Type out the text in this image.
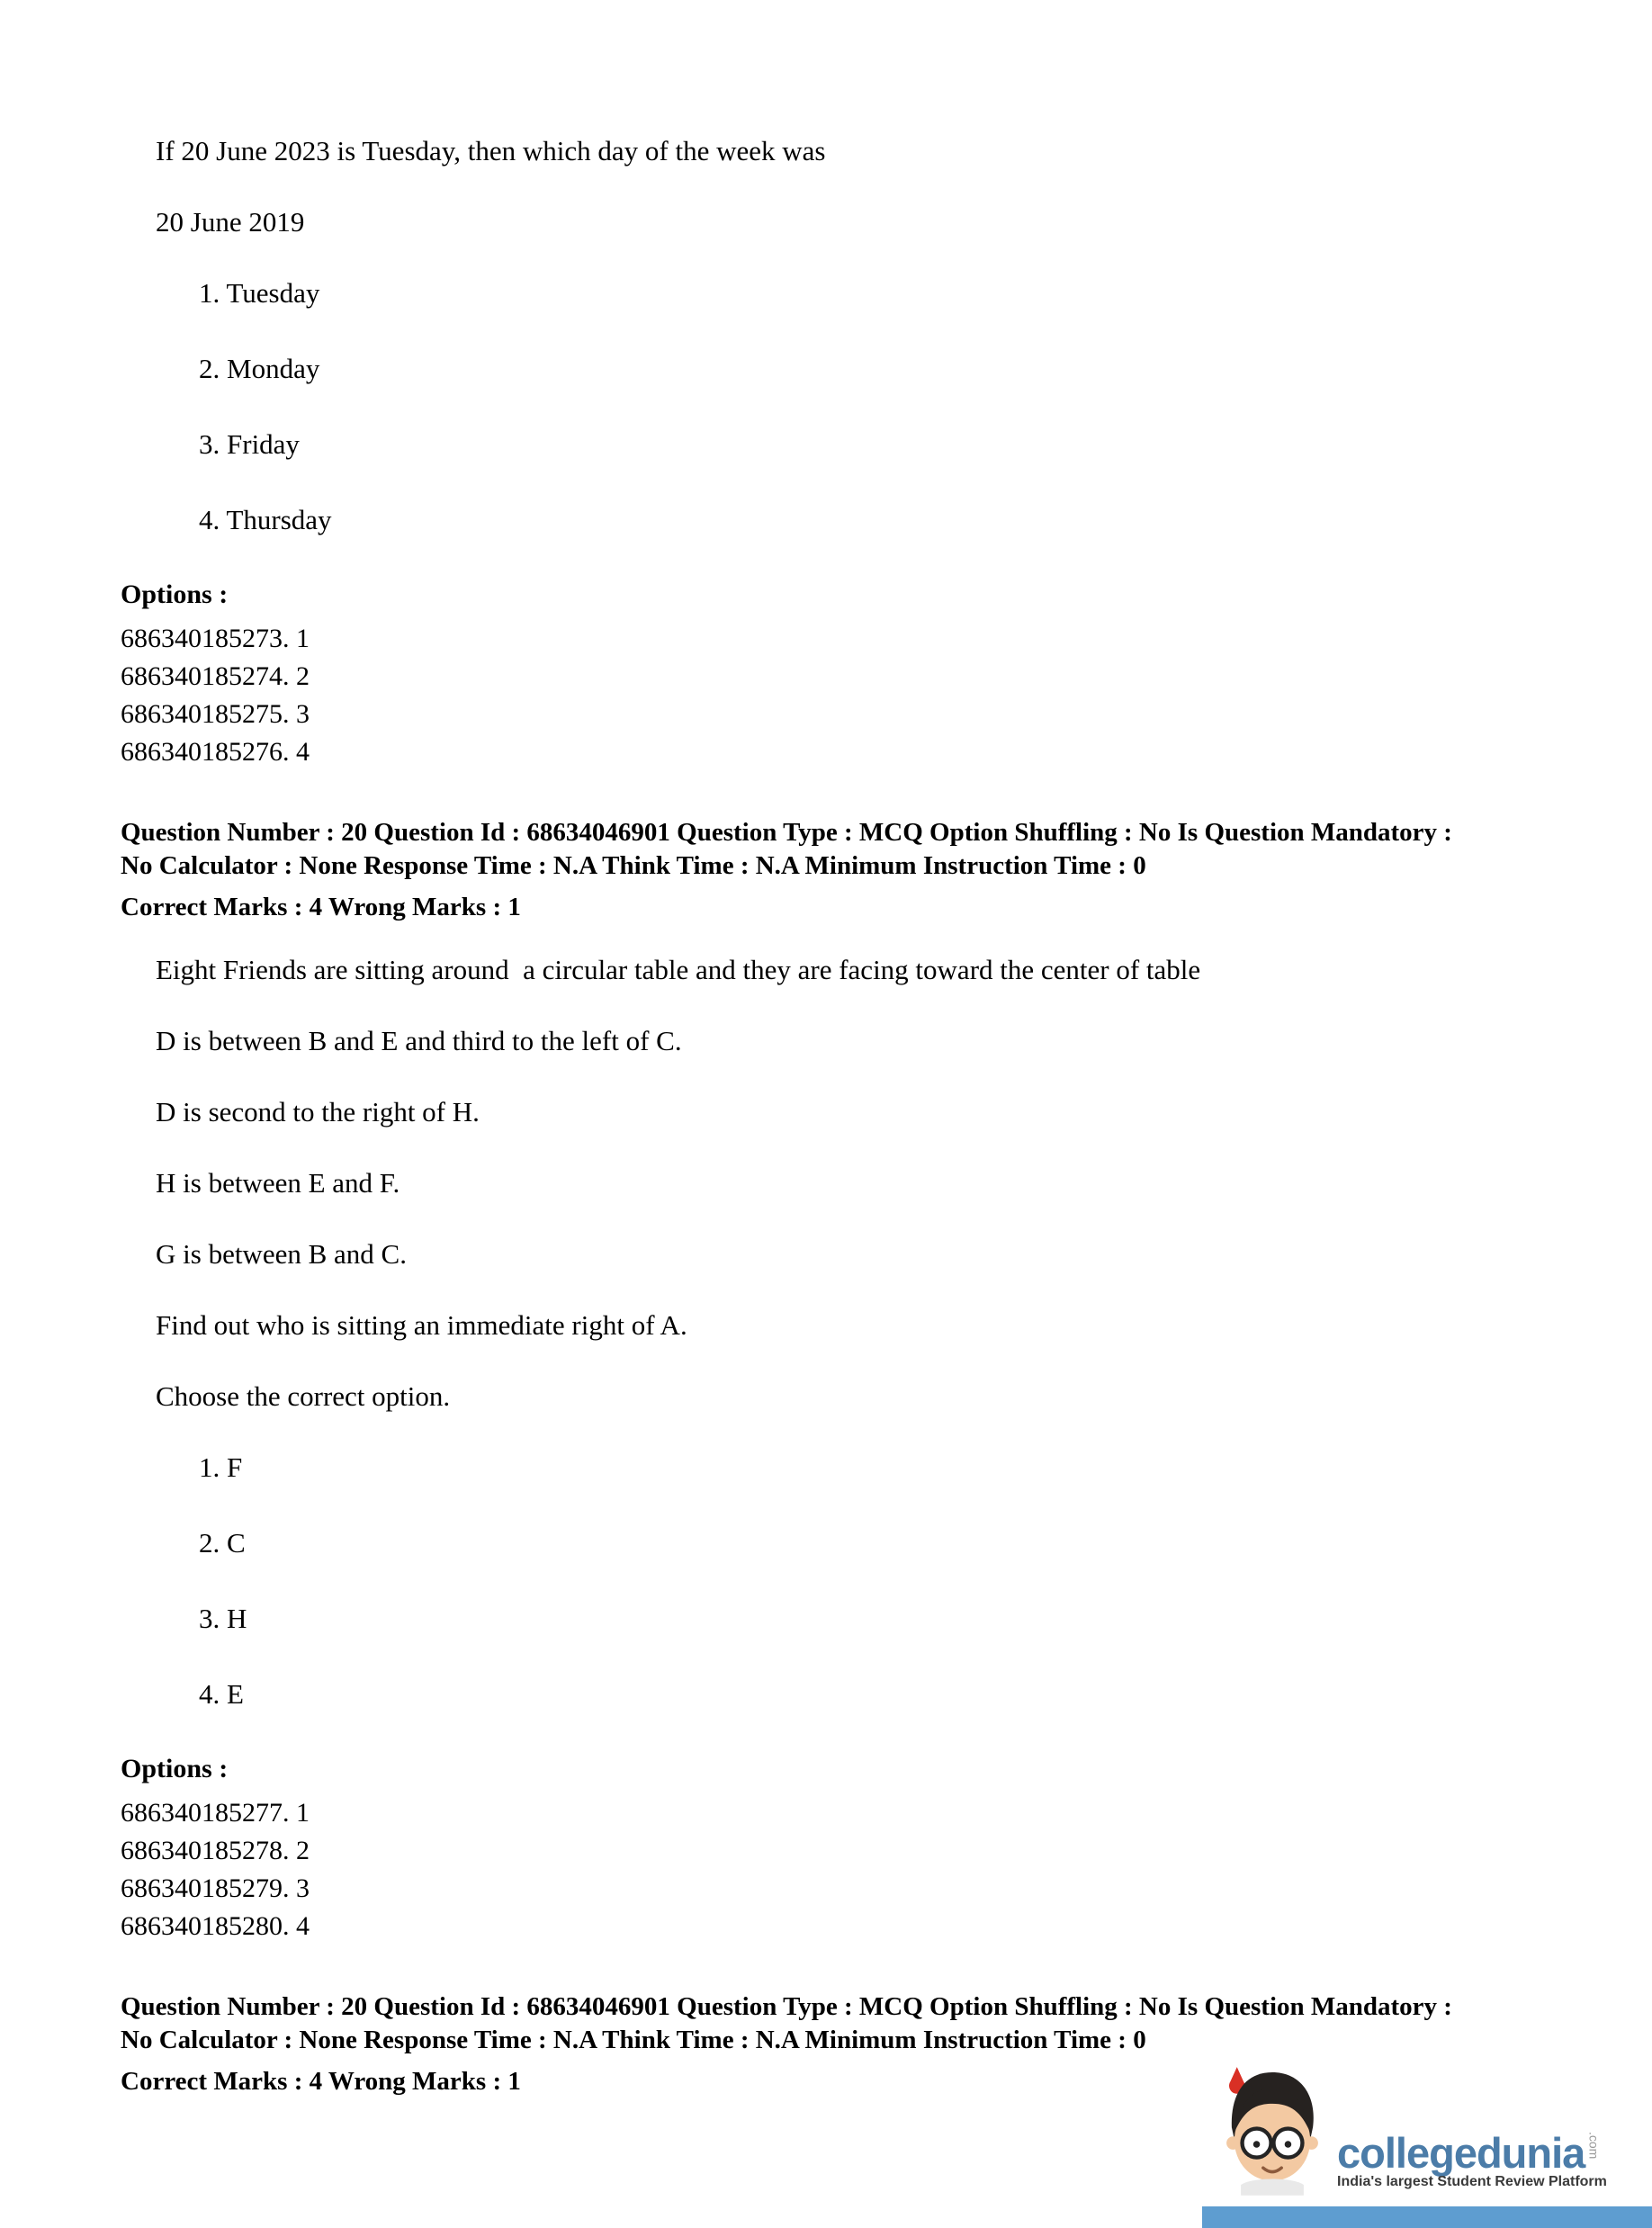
If 20 June 2023 is Tuesday, then which day of the week was

20 June 2019

1. Tuesday

2. Monday

3. Friday

4. Thursday

Options :

686340185273. 1

686340185274. 2

686340185275. 3

686340185276. 4

Question Number : 20 Question Id : 68634046901 Question Type : MCQ Option Shuffling : No Is Question Mandatory :

No Calculator : None Response Time : N.A Think Time : N.A Minimum Instruction Time : 0

Correct Marks : 4 Wrong Marks : 1

Eight Friends are sitting around  a circular table and they are facing toward the center of table

D is between B and E and third to the left of C.

D is second to the right of H.

H is between E and F.

G is between B and C.

Find out who is sitting an immediate right of A.

Choose the correct option.

1. F

2. C

3. H

4. E

Options :

686340185277. 1

686340185278. 2

686340185279. 3

686340185280. 4

Question Number : 20 Question Id : 68634046901 Question Type : MCQ Option Shuffling : No Is Question Mandatory :

No Calculator : None Response Time : N.A Think Time : N.A Minimum Instruction Time : 0

Correct Marks : 4 Wrong Marks : 1

collegedunia .com
India's largest Student Review Platform
